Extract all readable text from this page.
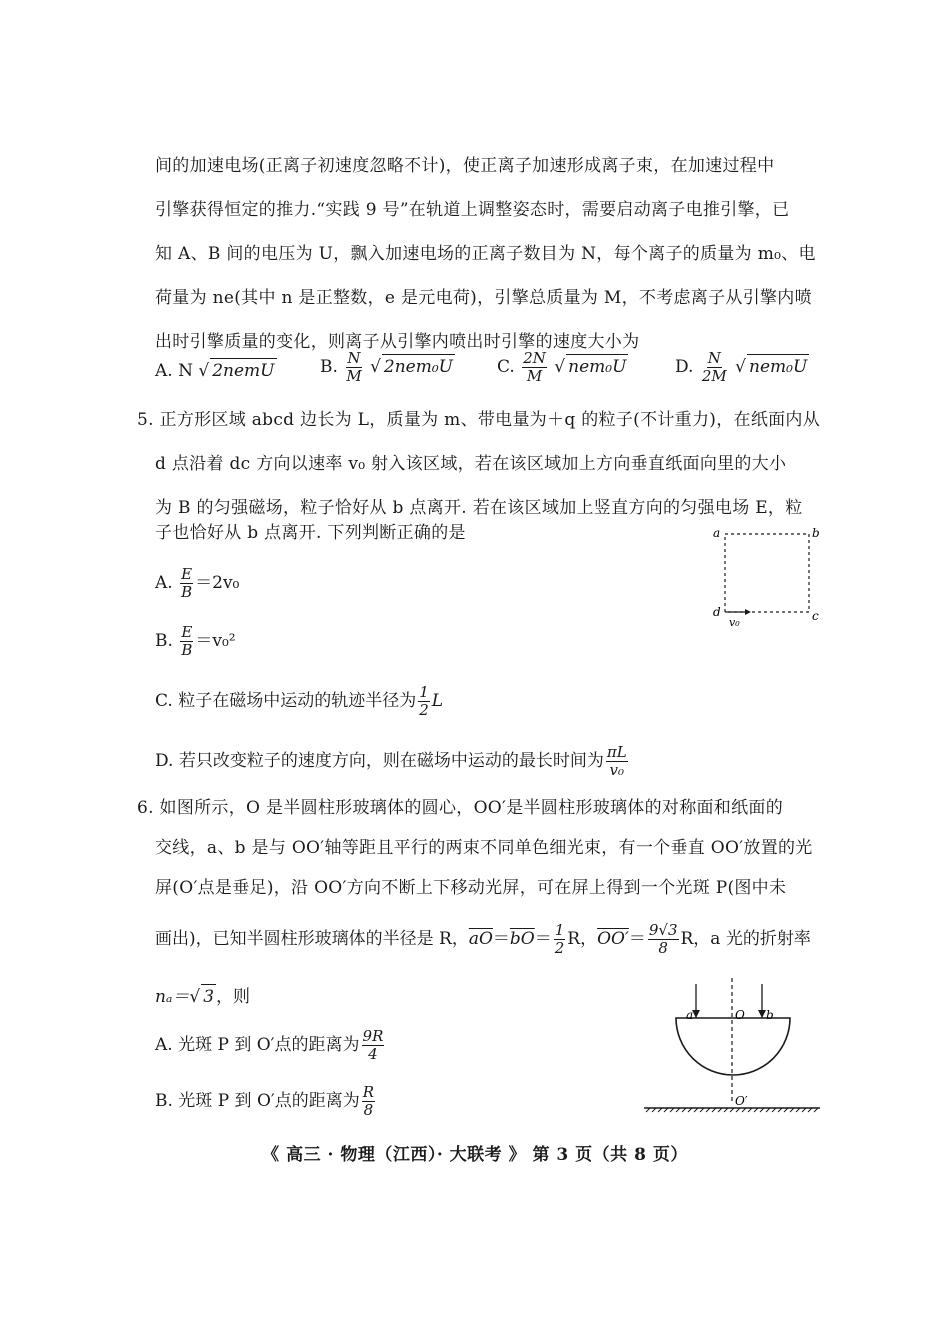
间的加速电场(正离子初速度忽略不计)，使正离子加速形成离子束，在加速过程中
引擎获得恒定的推力.“实践 9 号”在轨道上调整姿态时，需要启动离子电推引擎，已
知 A、B 间的电压为 U，飘入加速电场的正离子数目为 N，每个离子的质量为 m₀、电
荷量为 ne(其中 n 是正整数，e 是元电荷)，引擎总质量为 M，不考虑离子从引擎内喷
出时引擎质量的变化，则离子从引擎内喷出时引擎的速度大小为
A. N √ 2nemU	B. $\frac{N}{M}$ √ 2nem₀U	C. $\frac{2N}{M}$ √ nem₀U	D. $\frac{N}{2M}$ √ nem₀U
5. 正方形区域 abcd 边长为 L，质量为 m、带电量为＋q 的粒子(不计重力)，在纸面内从
d 点沿着 dc 方向以速率 v₀ 射入该区域，若在该区域加上方向垂直纸面向里的大小
为 B 的匀强磁场，粒子恰好从 b 点离开. 若在该区域加上竖直方向的匀强电场 E，粒
子也恰好从 b 点离开. 下列判断正确的是
A. $\frac{E}{B} =2v_0$
B. $\frac{E}{B} =v_0^2$
C. 粒子在磁场中运动的轨迹半径为 $\frac{1}{2}$ L
D. 若只改变粒子的速度方向，则在磁场中运动的最长时间为 $\frac{\pi L}{\text{v₀}}$
a	b
c
d
v₀
6. 如图所示，O 是半圆柱形玻璃体的圆心，OO′是半圆柱形玻璃体的对称面和纸面的
交线，a、b 是与 OO′轴等距且平行的两束不同单色细光束，有一个垂直 OO′放置的光
屏(O′点是垂足)，沿 OO′方向不断上下移动光屏，可在屏上得到一个光斑 P(图中未
画出)，已知半圆柱形玻璃体的半径是 R，$\overline{aO}=\overline{bO}= \frac{1}{2}$ R，$OO'= \frac{9√3}{8}$ R，a 光的折射率
nₐ＝√ 3 ，则
A. 光斑 P 到 O′点的距离为 $\frac{9R}{4}$
B. 光斑 P 到 O′点的距离为 $\frac{R}{8}$
a	O b
O′
《 高三 · 物理（江西）· 大联考 》 第 3 页（共 8 页）
